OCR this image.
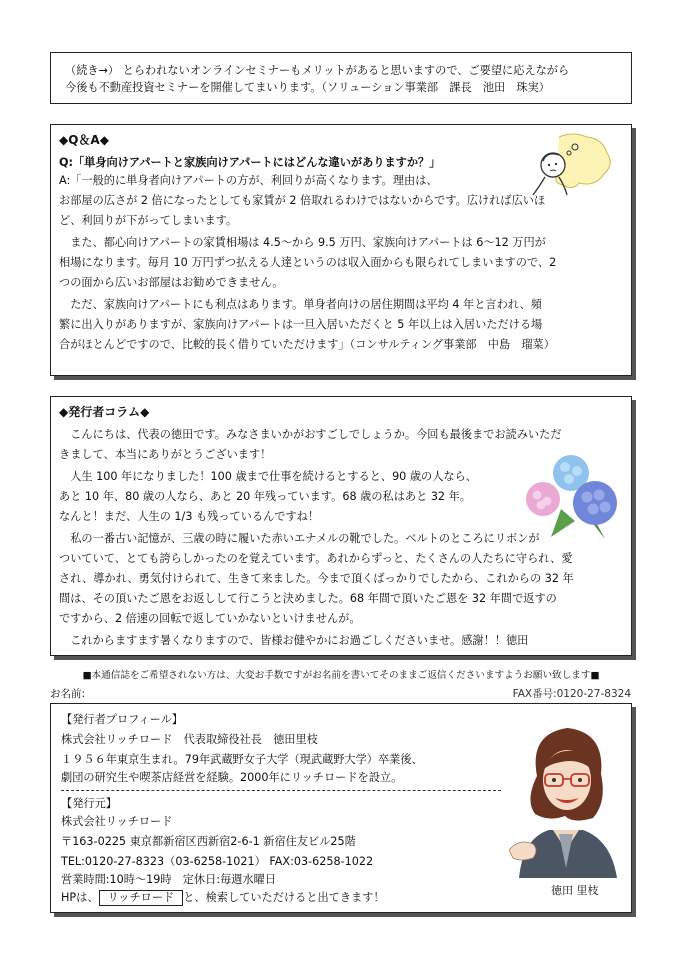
（続き→） とらわれないオンラインセミナーもメリットがあると思いますので、ご要望に応えながら
今後も不動産投資セミナーを開催してまいります。（ソリューション事業部　課長　池田　珠実）
◆Q＆A◆
Q:「単身向けアパートと家族向けアパートにはどんな違いがありますか？」
A:「一般的に単身者向けアパートの方が、利回りが高くなります。理由は、
お部屋の広さが 2 倍になったとしても家賃が 2 倍取れるわけではないからです。広ければ広いほ
ど、利回りが下がってしまいます。
　また、都心向けアパートの家賃相場は 4.5～から 9.5 万円、家族向けアパートは 6～12 万円が
相場になります。毎月 10 万円ずつ払える人達というのは収入面からも限られてしまいますので、2
つの面から広いお部屋はお勧めできません。
　ただ、家族向けアパートにも利点はあります。単身者向けの居住期間は平均 4 年と言われ、頻
繁に出入りがありますが、家族向けアパートは一旦入居いただくと 5 年以上は入居いただける場
合がほとんどですので、比較的長く借りていただけます」（コンサルティング事業部　中島　瑠菜）
◆発行者コラム◆
　こんにちは、代表の徳田です。みなさまいかがおすごしでしょうか。今回も最後までお読みいただ
きまして、本当にありがとうございます！
　人生 100 年になりました！100 歳まで仕事を続けるとすると、90 歳の人なら、
あと 10 年、80 歳の人なら、あと 20 年残っています。68 歳の私はあと 32 年。
なんと！まだ、人生の 1/3 も残っているんですね！
　私の一番古い記憶が、三歳の時に履いた赤いエナメルの靴でした。ベルトのところにリボンが
ついていて、とても誇らしかったのを覚えています。あれからずっと、たくさんの人たちに守られ、愛
され、導かれ、勇気付けられて、生きて来ました。今まで頂くばっかりでしたから、これからの 32 年
間は、その頂いたご恩をお返しして行こうと決めました。68 年間で頂いたご恩を 32 年間で返すの
ですから、2 倍速の回転で返していかないといけませんが。
　これからますます暑くなりますので、皆様お健やかにお過ごしくださいませ。感謝！！徳田
■本通信誌をご希望されない方は、大変お手数ですがお名前を書いてそのままご返信くださいますようお願い致します■
お名前:	FAX番号:0120-27-8324
【発行者プロフィール】
株式会社リッチロード　代表取締役社長　徳田里枝
１９５６年東京生まれ。79年武蔵野女子大学（現武蔵野大学）卒業後、
劇団の研究生や喫茶店経営を経験。2000年にリッチロードを設立。
【発行元】
株式会社リッチロード
〒163-0225 東京都新宿区西新宿2-6-1 新宿住友ビル25階
TEL:0120-27-8323（03-6258-1021） FAX:03-6258-1022
営業時間:10時～19時　定休日:毎週水曜日
HPは、 リッチロード と、検索していただけると出てきます！
徳田 里枝
